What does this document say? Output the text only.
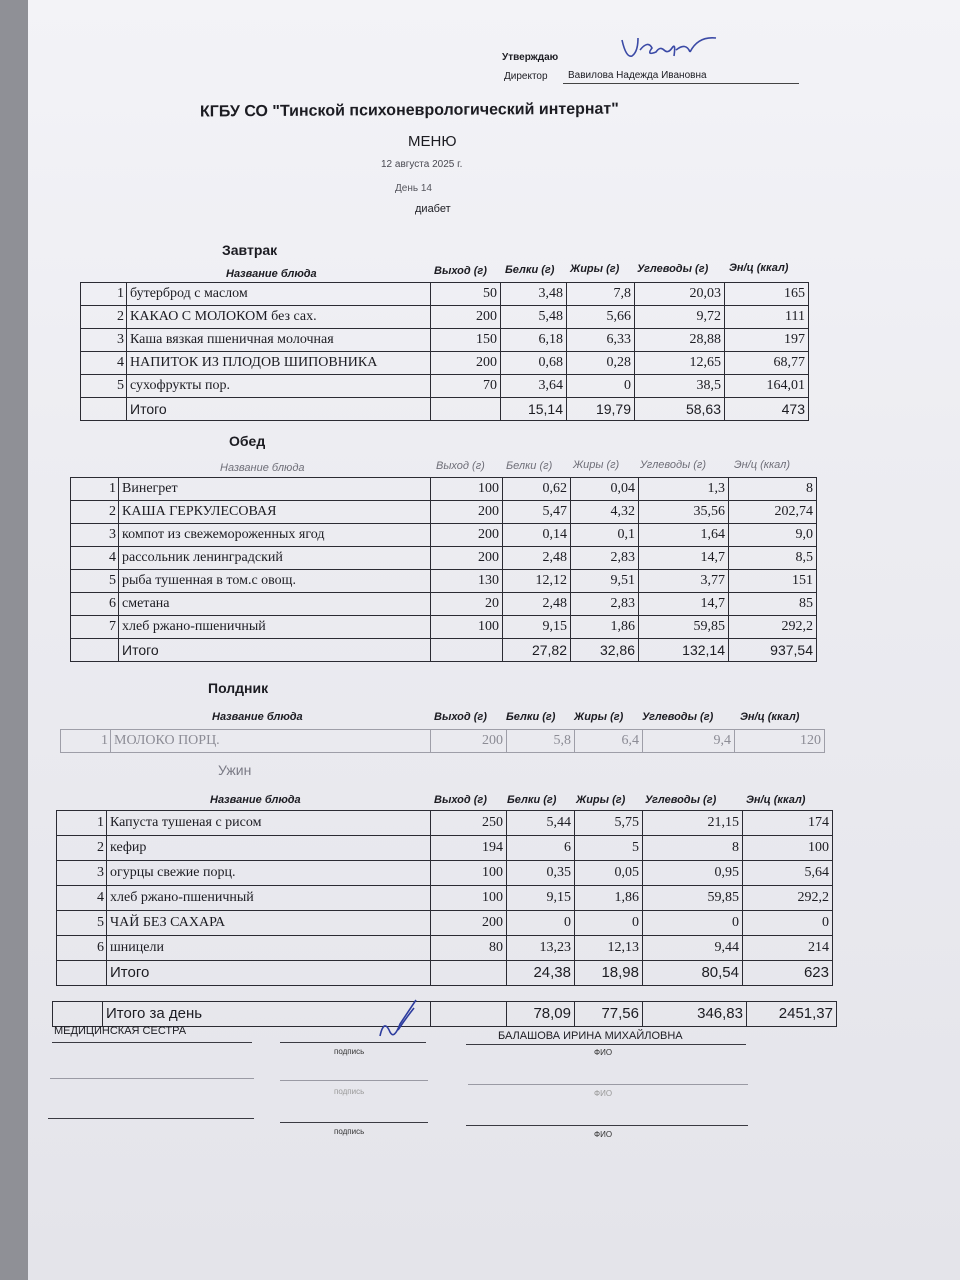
Утверждаю
Директор Вавилова Надежда Ивановна
КГБУ СО "Тинской психоневрологический интернат"
МЕНЮ
12 августа 2025 г.
День 14
диабет
Завтрак
Название блюда	Выход (г) Белки (г) Жиры (г) Углеводы (г) Эн/ц (ккал)
1	бутерброд с маслом	50	3,48	7,8	20,03	165
2	КАКАО С МОЛОКОМ без сах.	200	5,48	5,66	9,72	111
3	Каша вязкая пшеничная молочная	150	6,18	6,33	28,88	197
4	НАПИТОК ИЗ ПЛОДОВ ШИПОВНИКА	200	0,68	0,28	12,65	68,77
5	сухофрукты пор.	70	3,64	0	38,5	164,01
	Итого		15,14	19,79	58,63	473
Обед
Название блюда	Выход (г) Белки (г) Жиры (г) Углеводы (г)	Эн/ц (ккал)
1	Винегрет	100	0,62	0,04	1,3	8
2	КАША ГЕРКУЛЕСОВАЯ	200	5,47	4,32	35,56	202,74
3	компот из свежемороженных ягод	200	0,14	0,1	1,64	9,0
4	рассольник ленинградский	200	2,48	2,83	14,7	8,5
5	рыба тушенная в том.с овощ.	130	12,12	9,51	3,77	151
6	сметана	20	2,48	2,83	14,7	85
7	хлеб ржано-пшеничный	100	9,15	1,86	59,85	292,2
	Итого		27,82	32,86	132,14	937,54
Полдник
Название блюда	Выход (г) Белки (г) Жиры (г) Углеводы (г) Эн/ц (ккал)
1	МОЛОКО ПОРЦ.	200	5,8	6,4	9,4	120
Ужин
Название блюда	Выход (г) Белки (г) Жиры (г) Углеводы (г)	Эн/ц (ккал)
1	Капуста тушеная с рисом	250	5,44	5,75	21,15	174
2	кефир	194	6	5	8	100
3	огурцы свежие порц.	100	0,35	0,05	0,95	5,64
4	хлеб ржано-пшеничный	100	9,15	1,86	59,85	292,2
5	ЧАЙ БЕЗ САХАРА	200	0	0	0	0
6	шницели	80	13,23	12,13	9,44	214
	Итого		24,38	18,98	80,54	623
	Итого за день		78,09	77,56	346,83	2451,37
МЕДИЦИНСКАЯ СЕСТРА	БАЛАШОВА ИРИНА МИХАЙЛОВНА
подпись	ФИО
подпись	ФИО
подпись	ФИО
